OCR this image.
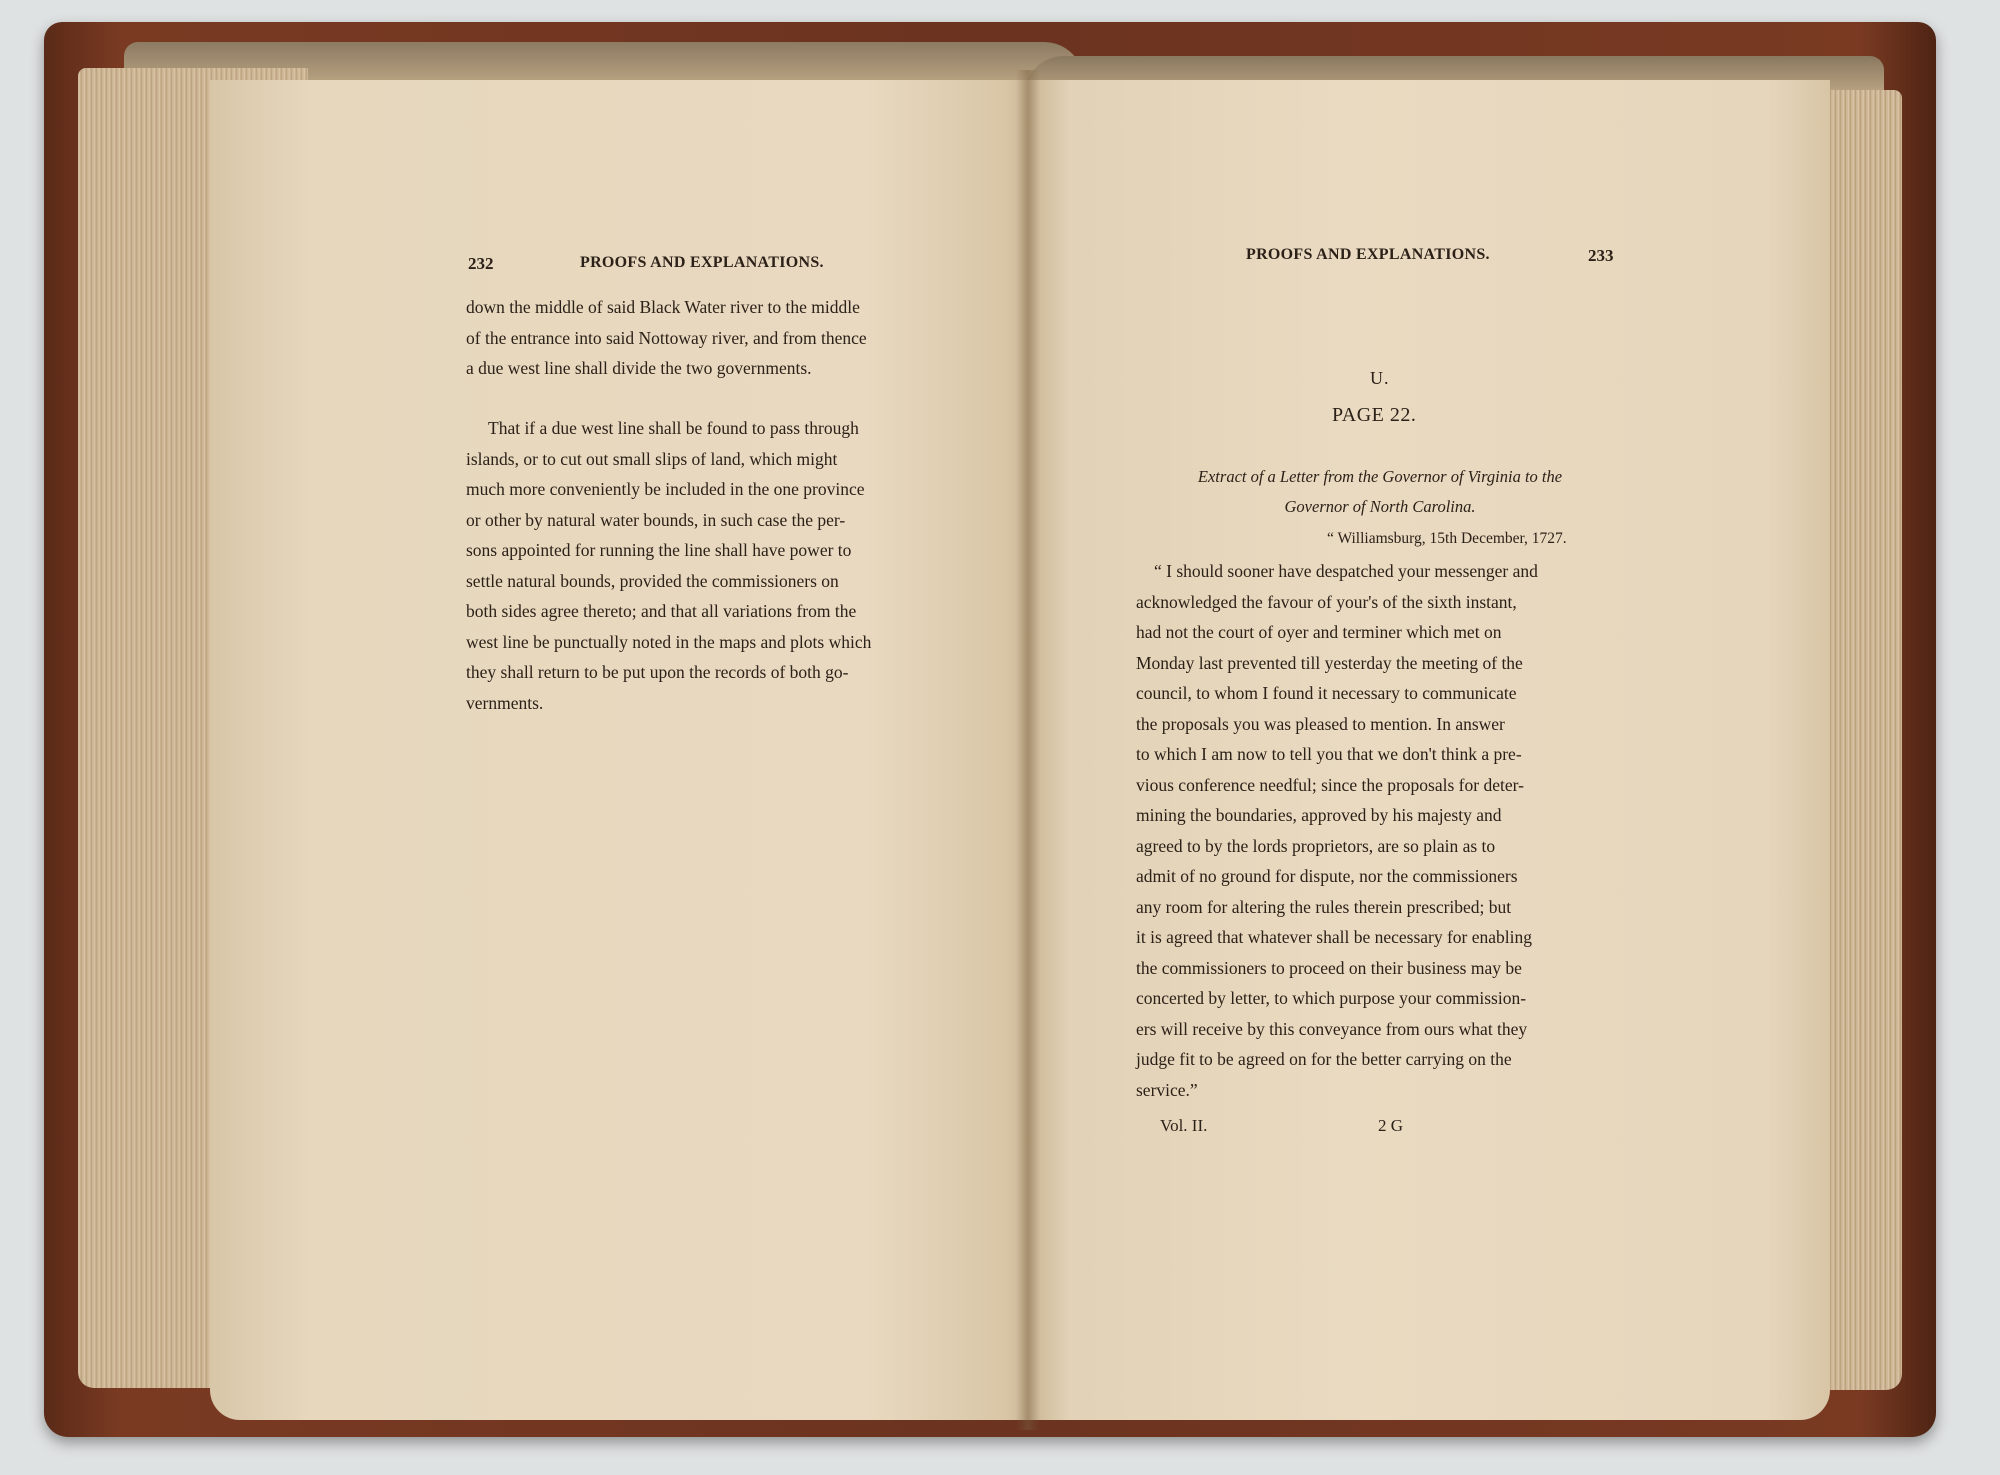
232	PROOFS AND EXPLANATIONS.
down the middle of said Black Water river to the middle
of the entrance into said Nottoway river, and from thence
a due west line shall divide the two governments.
That if a due west line shall be found to pass through
islands, or to cut out small slips of land, which might
much more conveniently be included in the one province
or other by natural water bounds, in such case the per-
sons appointed for running the line shall have power to
settle natural bounds, provided the commissioners on
both sides agree thereto; and that all variations from the
west line be punctually noted in the maps and plots which
they shall return to be put upon the records of both go-
vernments.
PROOFS AND EXPLANATIONS.	233
U.
PAGE 22.
Extract of a Letter from the Governor of Virginia to the
Governor of North Carolina.
“ Williamsburg, 15th December, 1727.
“ I should sooner have despatched your messenger and
acknowledged the favour of your's of the sixth instant,
had not the court of oyer and terminer which met on
Monday last prevented till yesterday the meeting of the
council, to whom I found it necessary to communicate
the proposals you was pleased to mention. In answer
to which I am now to tell you that we don't think a pre-
vious conference needful; since the proposals for deter-
mining the boundaries, approved by his majesty and
agreed to by the lords proprietors, are so plain as to
admit of no ground for dispute, nor the commissioners
any room for altering the rules therein prescribed; but
it is agreed that whatever shall be necessary for enabling
the commissioners to proceed on their business may be
concerted by letter, to which purpose your commission-
ers will receive by this conveyance from ours what they
judge fit to be agreed on for the better carrying on the
service.”
Vol. II.	2 G
